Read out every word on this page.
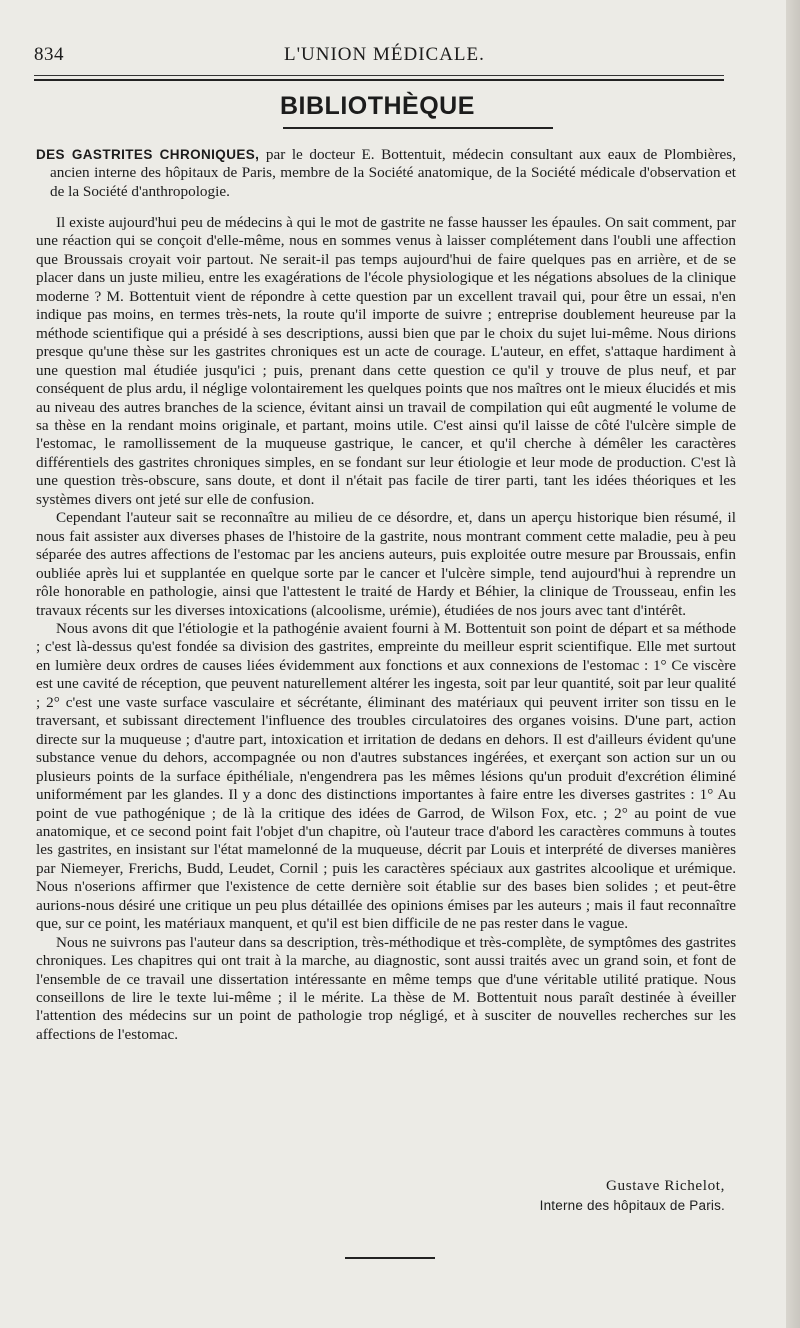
834	L'UNION MÉDICALE.
BIBLIOTHÈQUE

DES GASTRITES CHRONIQUES, par le docteur E. Bottentuit, médecin consultant aux eaux de Plombières, ancien interne des hôpitaux de Paris, membre de la Société anatomique, de la Société médicale d'observation et de la Société d'anthropologie.

Il existe aujourd'hui peu de médecins à qui le mot de gastrite ne fasse hausser les épaules. On sait comment, par une réaction qui se conçoit d'elle-même, nous en sommes venus à laisser complétement dans l'oubli une affection que Broussais croyait voir partout. Ne serait-il pas temps aujourd'hui de faire quelques pas en arrière, et de se placer dans un juste milieu, entre les exagérations de l'école physiologique et les négations absolues de la clinique moderne ? M. Bottentuit vient de répondre à cette question par un excellent travail qui, pour être un essai, n'en indique pas moins, en termes très-nets, la route qu'il importe de suivre ; entreprise doublement heureuse par la méthode scientifique qui a présidé à ses descriptions, aussi bien que par le choix du sujet lui-même. Nous dirions presque qu'une thèse sur les gastrites chroniques est un acte de courage. L'auteur, en effet, s'attaque hardiment à une question mal étudiée jusqu'ici ; puis, prenant dans cette question ce qu'il y trouve de plus neuf, et par conséquent de plus ardu, il néglige volontairement les quelques points que nos maîtres ont le mieux élucidés et mis au niveau des autres branches de la science, évitant ainsi un travail de compilation qui eût augmenté le volume de sa thèse en la rendant moins originale, et partant, moins utile. C'est ainsi qu'il laisse de côté l'ulcère simple de l'estomac, le ramollissement de la muqueuse gastrique, le cancer, et qu'il cherche à démêler les caractères différentiels des gastrites chroniques simples, en se fondant sur leur étiologie et leur mode de production. C'est là une question très-obscure, sans doute, et dont il n'était pas facile de tirer parti, tant les idées théoriques et les systèmes divers ont jeté sur elle de confusion.

Cependant l'auteur sait se reconnaître au milieu de ce désordre, et, dans un aperçu historique bien résumé, il nous fait assister aux diverses phases de l'histoire de la gastrite, nous montrant comment cette maladie, peu à peu séparée des autres affections de l'estomac par les anciens auteurs, puis exploitée outre mesure par Broussais, enfin oubliée après lui et supplantée en quelque sorte par le cancer et l'ulcère simple, tend aujourd'hui à reprendre un rôle honorable en pathologie, ainsi que l'attestent le traité de Hardy et Béhier, la clinique de Trousseau, enfin les travaux récents sur les diverses intoxications (alcoolisme, urémie), étudiées de nos jours avec tant d'intérêt.

Nous avons dit que l'étiologie et la pathogénie avaient fourni à M. Bottentuit son point de départ et sa méthode ; c'est là-dessus qu'est fondée sa division des gastrites, empreinte du meilleur esprit scientifique. Elle met surtout en lumière deux ordres de causes liées évidemment aux fonctions et aux connexions de l'estomac : 1° Ce viscère est une cavité de réception, que peuvent naturellement altérer les ingesta, soit par leur quantité, soit par leur qualité ; 2° c'est une vaste surface vasculaire et sécrétante, éliminant des matériaux qui peuvent irriter son tissu en le traversant, et subissant directement l'influence des troubles circulatoires des organes voisins. D'une part, action directe sur la muqueuse ; d'autre part, intoxication et irritation de dedans en dehors. Il est d'ailleurs évident qu'une substance venue du dehors, accompagnée ou non d'autres substances ingérées, et exerçant son action sur un ou plusieurs points de la surface épithéliale, n'engendrera pas les mêmes lésions qu'un produit d'excrétion éliminé uniformément par les glandes. Il y a donc des distinctions importantes à faire entre les diverses gastrites : 1° Au point de vue pathogénique ; de là la critique des idées de Garrod, de Wilson Fox, etc. ; 2° au point de vue anatomique, et ce second point fait l'objet d'un chapitre, où l'auteur trace d'abord les caractères communs à toutes les gastrites, en insistant sur l'état mamelonné de la muqueuse, décrit par Louis et interprété de diverses manières par Niemeyer, Frerichs, Budd, Leudet, Cornil ; puis les caractères spéciaux aux gastrites alcoolique et urémique. Nous n'oserions affirmer que l'existence de cette dernière soit établie sur des bases bien solides ; et peut-être aurions-nous désiré une critique un peu plus détaillée des opinions émises par les auteurs ; mais il faut reconnaître que, sur ce point, les matériaux manquent, et qu'il est bien difficile de ne pas rester dans le vague.

Nous ne suivrons pas l'auteur dans sa description, très-méthodique et très-complète, de symptômes des gastrites chroniques. Les chapitres qui ont trait à la marche, au diagnostic, sont aussi traités avec un grand soin, et font de l'ensemble de ce travail une dissertation intéressante en même temps que d'une véritable utilité pratique. Nous conseillons de lire le texte lui-même ; il le mérite. La thèse de M. Bottentuit nous paraît destinée à éveiller l'attention des médecins sur un point de pathologie trop négligé, et à susciter de nouvelles recherches sur les affections de l'estomac.

Gustave Richelot,
Interne des hôpitaux de Paris.
